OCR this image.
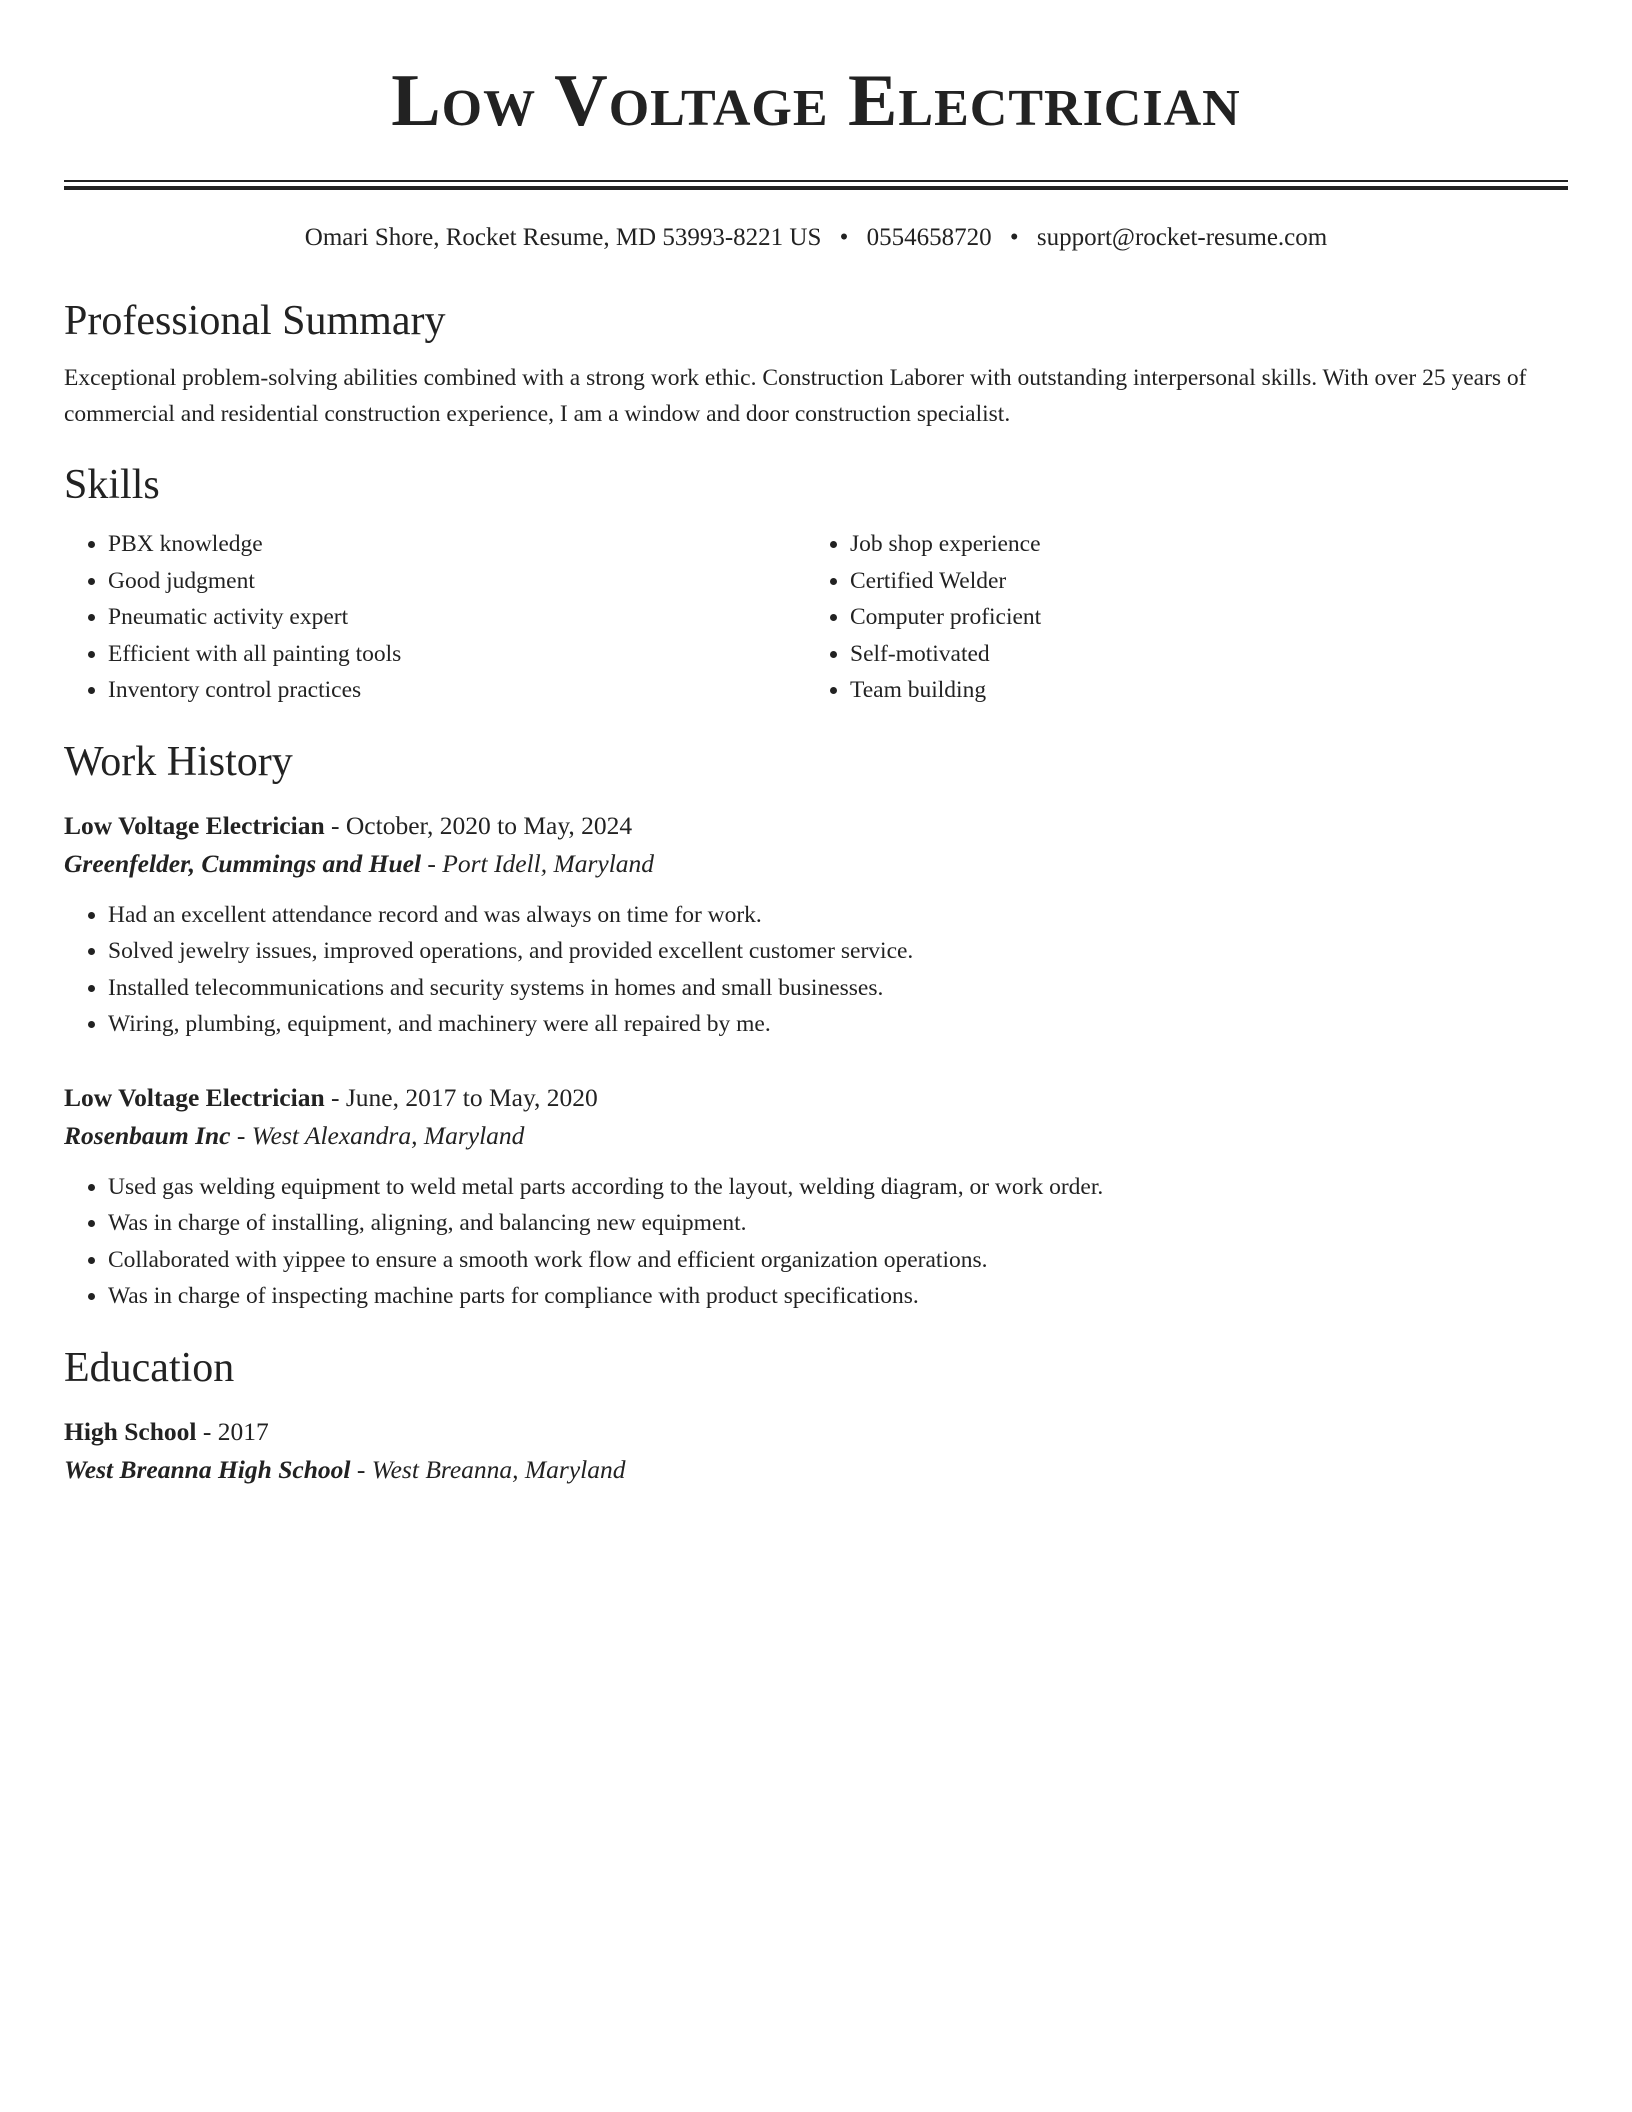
Low Voltage Electrician
Omari Shore, Rocket Resume, MD 53993-8221 US • 0554658720 • support@rocket-resume.com
Professional Summary

Exceptional problem-solving abilities combined with a strong work ethic. Construction Laborer with outstanding interpersonal skills. With over 25 years of commercial and residential construction experience, I am a window and door construction specialist.

Skills
• PBX knowledge
• Good judgment
• Pneumatic activity expert
• Efficient with all painting tools
• Inventory control practices
• Job shop experience
• Certified Welder
• Computer proficient
• Self-motivated
• Team building
Work History
Low Voltage Electrician - October, 2020 to May, 2024
Greenfelder, Cummings and Huel - Port Idell, Maryland
• Had an excellent attendance record and was always on time for work.
• Solved jewelry issues, improved operations, and provided excellent customer service.
• Installed telecommunications and security systems in homes and small businesses.
• Wiring, plumbing, equipment, and machinery were all repaired by me.
Low Voltage Electrician - June, 2017 to May, 2020
Rosenbaum Inc - West Alexandra, Maryland
• Used gas welding equipment to weld metal parts according to the layout, welding diagram, or work order.
• Was in charge of installing, aligning, and balancing new equipment.
• Collaborated with yippee to ensure a smooth work flow and efficient organization operations.
• Was in charge of inspecting machine parts for compliance with product specifications.
Education
High School - 2017
West Breanna High School - West Breanna, Maryland
